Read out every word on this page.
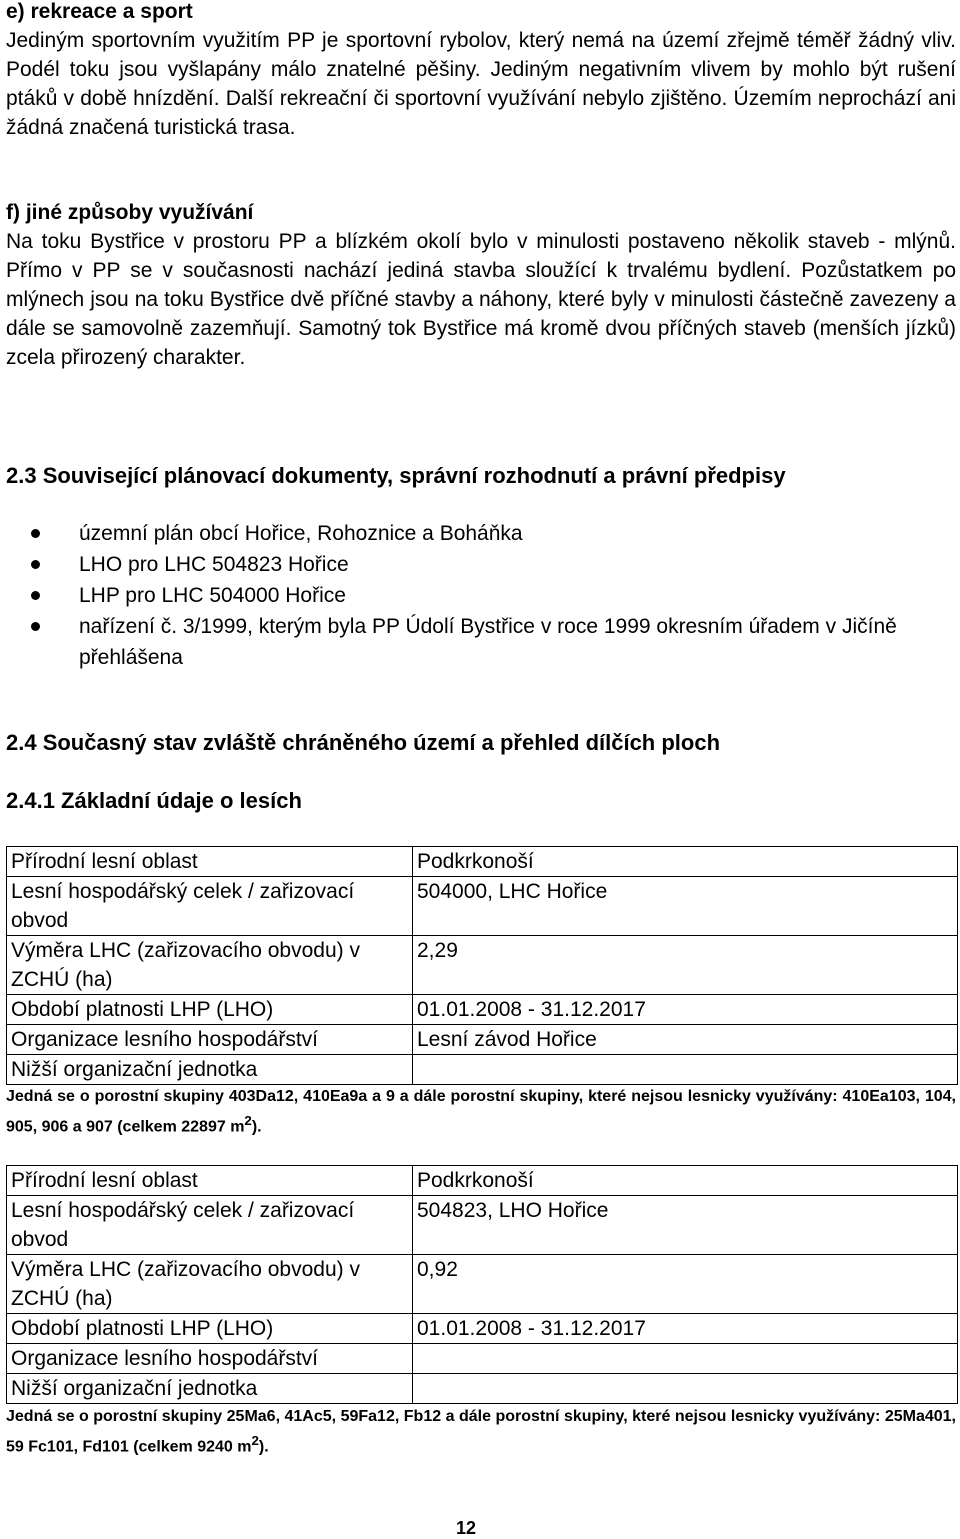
e) rekreace a sport

Jediným sportovním využitím PP je sportovní rybolov, který nemá na území zřejmě téměř žádný vliv. Podél toku jsou vyšlapány málo znatelné pěšiny. Jediným negativním vlivem by mohlo být rušení ptáků v době hnízdění. Další rekreační či sportovní využívání nebylo zjištěno. Územím neprochází ani žádná značená turistická trasa.

f) jiné způsoby využívání

Na toku Bystřice v prostoru PP a blízkém okolí bylo v minulosti postaveno několik staveb - mlýnů. Přímo v PP se v současnosti nachází jediná stavba sloužící k trvalému bydlení. Pozůstatkem po mlýnech jsou na toku Bystřice dvě příčné stavby a náhony, které byly v minulosti částečně zavezeny a dále se samovolně zazemňují. Samotný tok Bystřice má kromě dvou příčných staveb (menších jízků) zcela přirozený charakter.

2.3 Související plánovací dokumenty, správní rozhodnutí a právní předpisy

územní plán obcí Hořice, Rohoznice a Boháňka
LHO pro LHC 504823 Hořice
LHP pro LHC 504000 Hořice
nařízení č. 3/1999, kterým byla PP Údolí Bystřice v roce 1999 okresním úřadem v Jičíně přehlášena

2.4 Současný stav zvláště chráněného území a přehled dílčích ploch

2.4.1 Základní údaje o lesích

Přírodní lesní oblast	Podkrkonoší
Lesní hospodářský celek / zařizovací obvod	504000, LHC Hořice
Výměra LHC (zařizovacího obvodu) v ZCHÚ (ha)	2,29
Období platnosti LHP (LHO)	01.01.2008 - 31.12.2017
Organizace lesního hospodářství	Lesní závod Hořice
Nižší organizační jednotka	
Jedná se o porostní skupiny 403Da12, 410Ea9a a 9 a dále porostní skupiny, které nejsou lesnicky využívány: 410Ea103, 104, 905, 906 a 907 (celkem 22897 $m^2$).
Přírodní lesní oblast	Podkrkonoší
Lesní hospodářský celek / zařizovací obvod	504823, LHO Hořice
Výměra LHC (zařizovacího obvodu) v ZCHÚ (ha)	0,92
Období platnosti LHP (LHO)	01.01.2008 - 31.12.2017
Organizace lesního hospodářství	
Nižší organizační jednotka	
Jedná se o porostní skupiny 25Ma6, 41Ac5, 59Fa12, Fb12 a dále porostní skupiny, které nejsou lesnicky využívány: 25Ma401, 59 Fc101, Fd101 (celkem 9240 $m^2$).
12
